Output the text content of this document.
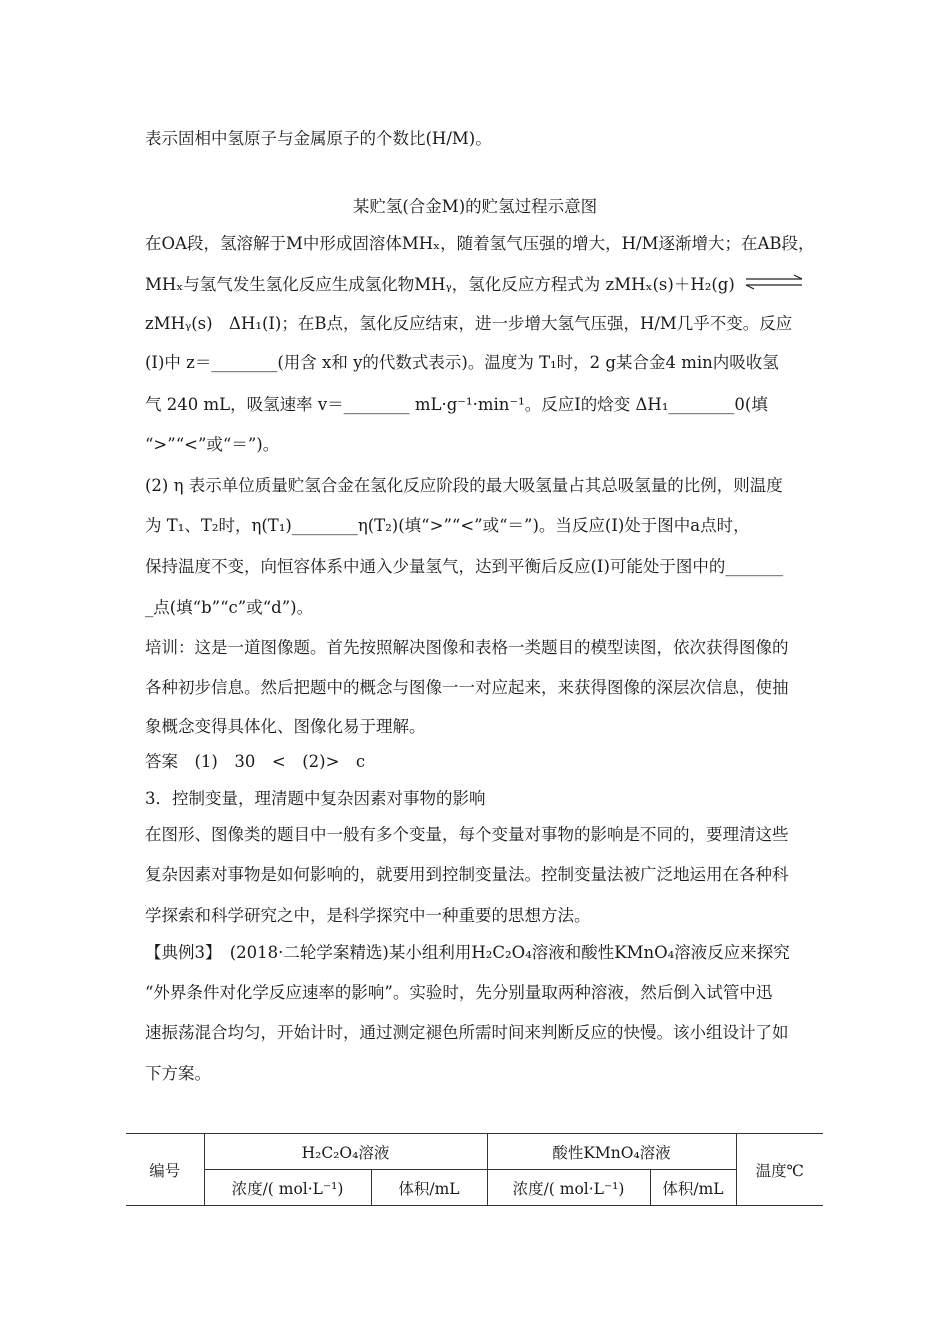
表示固相中氢原子与金属原子的个数比(H/M)。
某贮氢(合金M)的贮氢过程示意图
在OA段，氢溶解于M中形成固溶体MHₓ，随着氢气压强的增大，H/M逐渐增大；在AB段，
MHₓ与氢气发生氢化反应生成氢化物MHᵧ，氢化反应方程式为 zMHₓ(s)＋H₂(g) ⇌
zMHᵧ(s)　ΔH₁(Ⅰ)；在B点，氢化反应结束，进一步增大氢气压强，H/M几乎不变。反应
(Ⅰ)中 z＝________(用含 x和 y的代数式表示)。温度为 T₁时，2 g某合金4 min内吸收氢
气 240 mL，吸氢速率 v＝________ mL·g⁻¹·min⁻¹。反应Ⅰ的焓变 ΔH₁________0(填
“>”“<”或“＝”)。
(2) η 表示单位质量贮氢合金在氢化反应阶段的最大吸氢量占其总吸氢量的比例，则温度
为 T₁、T₂时，η(T₁)________η(T₂)(填“>”“<”或“＝”)。当反应(Ⅰ)处于图中a点时，
保持温度不变，向恒容体系中通入少量氢气，达到平衡后反应(Ⅰ)可能处于图中的_______
_点(填“b”“c”或“d”)。
培训：这是一道图像题。首先按照解决图像和表格一类题目的模型读图，依次获得图像的
各种初步信息。然后把题中的概念与图像一一对应起来，来获得图像的深层次信息，使抽
象概念变得具体化、图像化易于理解。
答案　(1)　30　<　(2)>　c
3．控制变量，理清题中复杂因素对事物的影响
在图形、图像类的题目中一般有多个变量，每个变量对事物的影响是不同的，要理清这些
复杂因素对事物是如何影响的，就要用到控制变量法。控制变量法被广泛地运用在各种科
学探索和科学研究之中，是科学探究中一种重要的思想方法。
【典例3】　(2018·二轮学案精选)某小组利用H₂C₂O₄溶液和酸性KMnO₄溶液反应来探究
“外界条件对化学反应速率的影响”。实验时，先分别量取两种溶液，然后倒入试管中迅
速振荡混合均匀，开始计时，通过测定褪色所需时间来判断反应的快慢。该小组设计了如
下方案。
编号	H₂C₂O₄溶液		酸性KMnO₄溶液		温度℃
	浓度/( mol·L⁻¹)	体积/mL	浓度/( mol·L⁻¹)	体积/mL	
